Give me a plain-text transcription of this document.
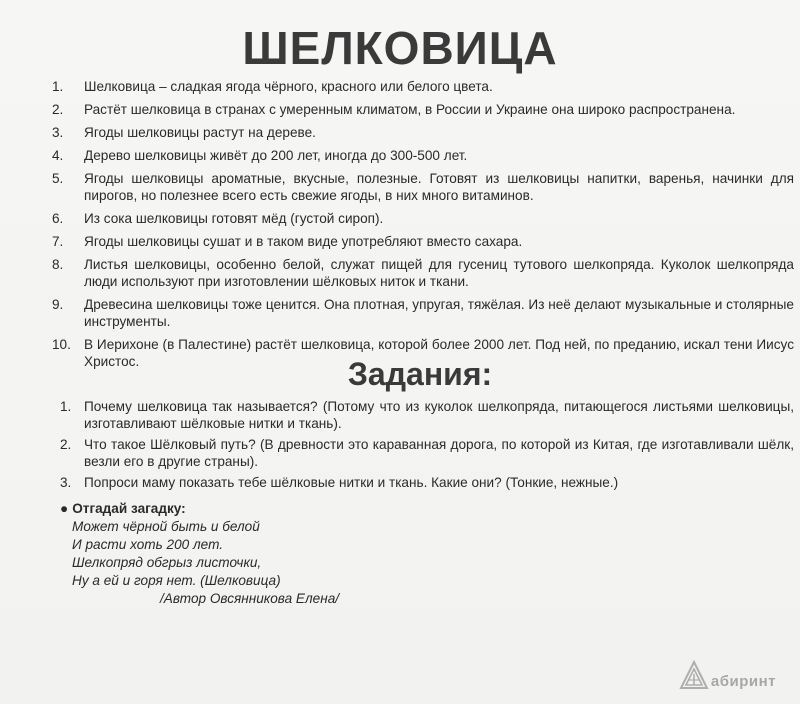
ШЕЛКОВИЦА
1.	Шелковица – сладкая ягода чёрного, красного или белого цвета.
2.	Растёт шелковица в странах с умеренным климатом, в России и Украине она широко распространена.
3.	Ягоды шелковицы растут на дереве.
4.	Дерево шелковицы живёт до 200 лет, иногда до 300-500 лет.
5.	Ягоды шелковицы ароматные, вкусные, полезные. Готовят из шелковицы напитки, варенья, начинки для пирогов, но полезнее всего есть свежие ягоды, в них много витаминов.
6.	Из сока шелковицы готовят мёд (густой сироп).
7.	Ягоды шелковицы сушат и в таком виде употребляют вместо сахара.
8.	Листья шелковицы, особенно белой, служат пищей для гусениц тутового шелкопряда. Куколок шелкопряда люди используют при изготовлении шёлковых ниток и ткани.
9.	Древесина шелковицы тоже ценится. Она плотная, упругая, тяжёлая. Из неё делают музыкальные и столярные инструменты.
10. В Иерихоне (в Палестине) растёт шелковица, которой более 2000 лет. Под ней, по преданию, искал тени Иисус Христос.	Задания:
1. Почему шелковица так называется? (Потому что из куколок шелкопряда, питающегося листьями шелковицы, изготавливают шёлковые нитки и ткань).
2. Что такое Шёлковый путь? (В древности это караванная дорога, по которой из Китая, где изготавливали шёлк, везли его в другие страны).
3. Попроси маму показать тебе шёлковые нитки и ткань. Какие они? (Тонкие, нежные.)
● Отгадай загадку:
Может чёрной быть и белой
И расти хоть 200 лет.
Шелкопряд обгрыз листочки,
Ну а ей и горя нет. (Шелковица)
/Автор Овсянникова Елена/
абиринт
